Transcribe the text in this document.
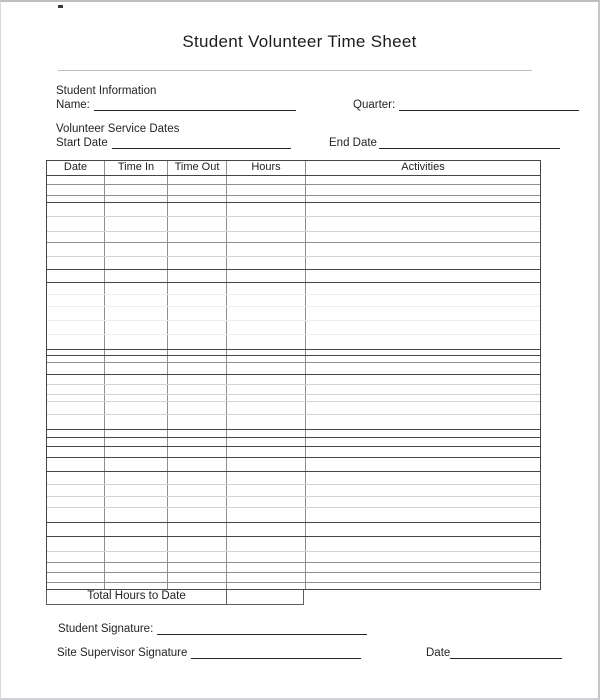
Student Volunteer Time Sheet
Student Information
Name:	Quarter:
Volunteer Service Dates
Start Date	End Date
Date	Time In	Time Out	Hours	Activities
Total Hours to Date
Student Signature:
Site Supervisor Signature	Date
